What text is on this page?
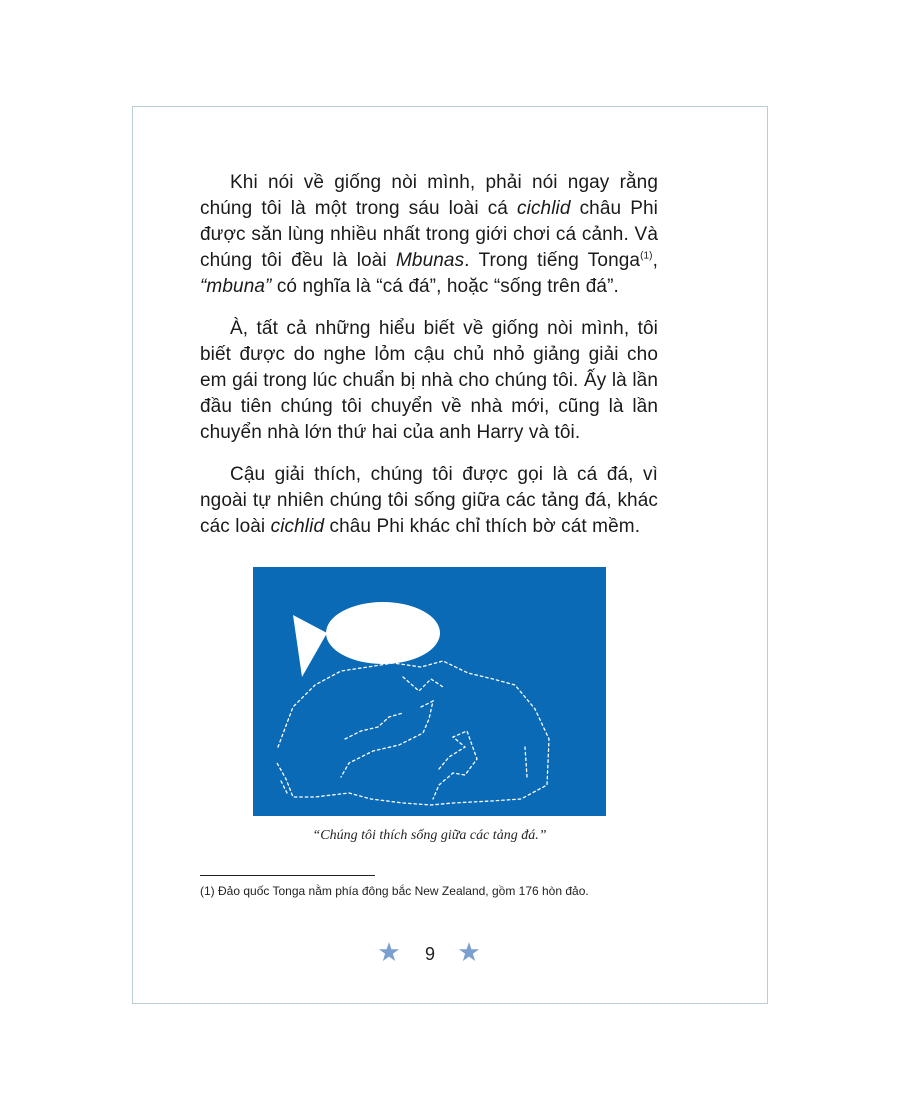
Khi nói về giống nòi mình, phải nói ngay rằng chúng tôi là một trong sáu loài cá cichlid châu Phi được săn lùng nhiều nhất trong giới chơi cá cảnh. Và chúng tôi đều là loài Mbunas. Trong tiếng Tonga$^{(1)}$, “mbuna” có nghĩa là “cá đá”, hoặc “sống trên đá”.

À, tất cả những hiểu biết về giống nòi mình, tôi biết được do nghe lỏm cậu chủ nhỏ giảng giải cho em gái trong lúc chuẩn bị nhà cho chúng tôi. Ấy là lần đầu tiên chúng tôi chuyển về nhà mới, cũng là lần chuyển nhà lớn thứ hai của anh Harry và tôi.

Cậu giải thích, chúng tôi được gọi là cá đá, vì ngoài tự nhiên chúng tôi sống giữa các tảng đá, khác các loài cichlid châu Phi khác chỉ thích bờ cát mềm.

“Chúng tôi thích sống giữa các tảng đá.”
(1) Đảo quốc Tonga nằm phía đông bắc New Zealand, gồm 176 hòn đảo.
9
